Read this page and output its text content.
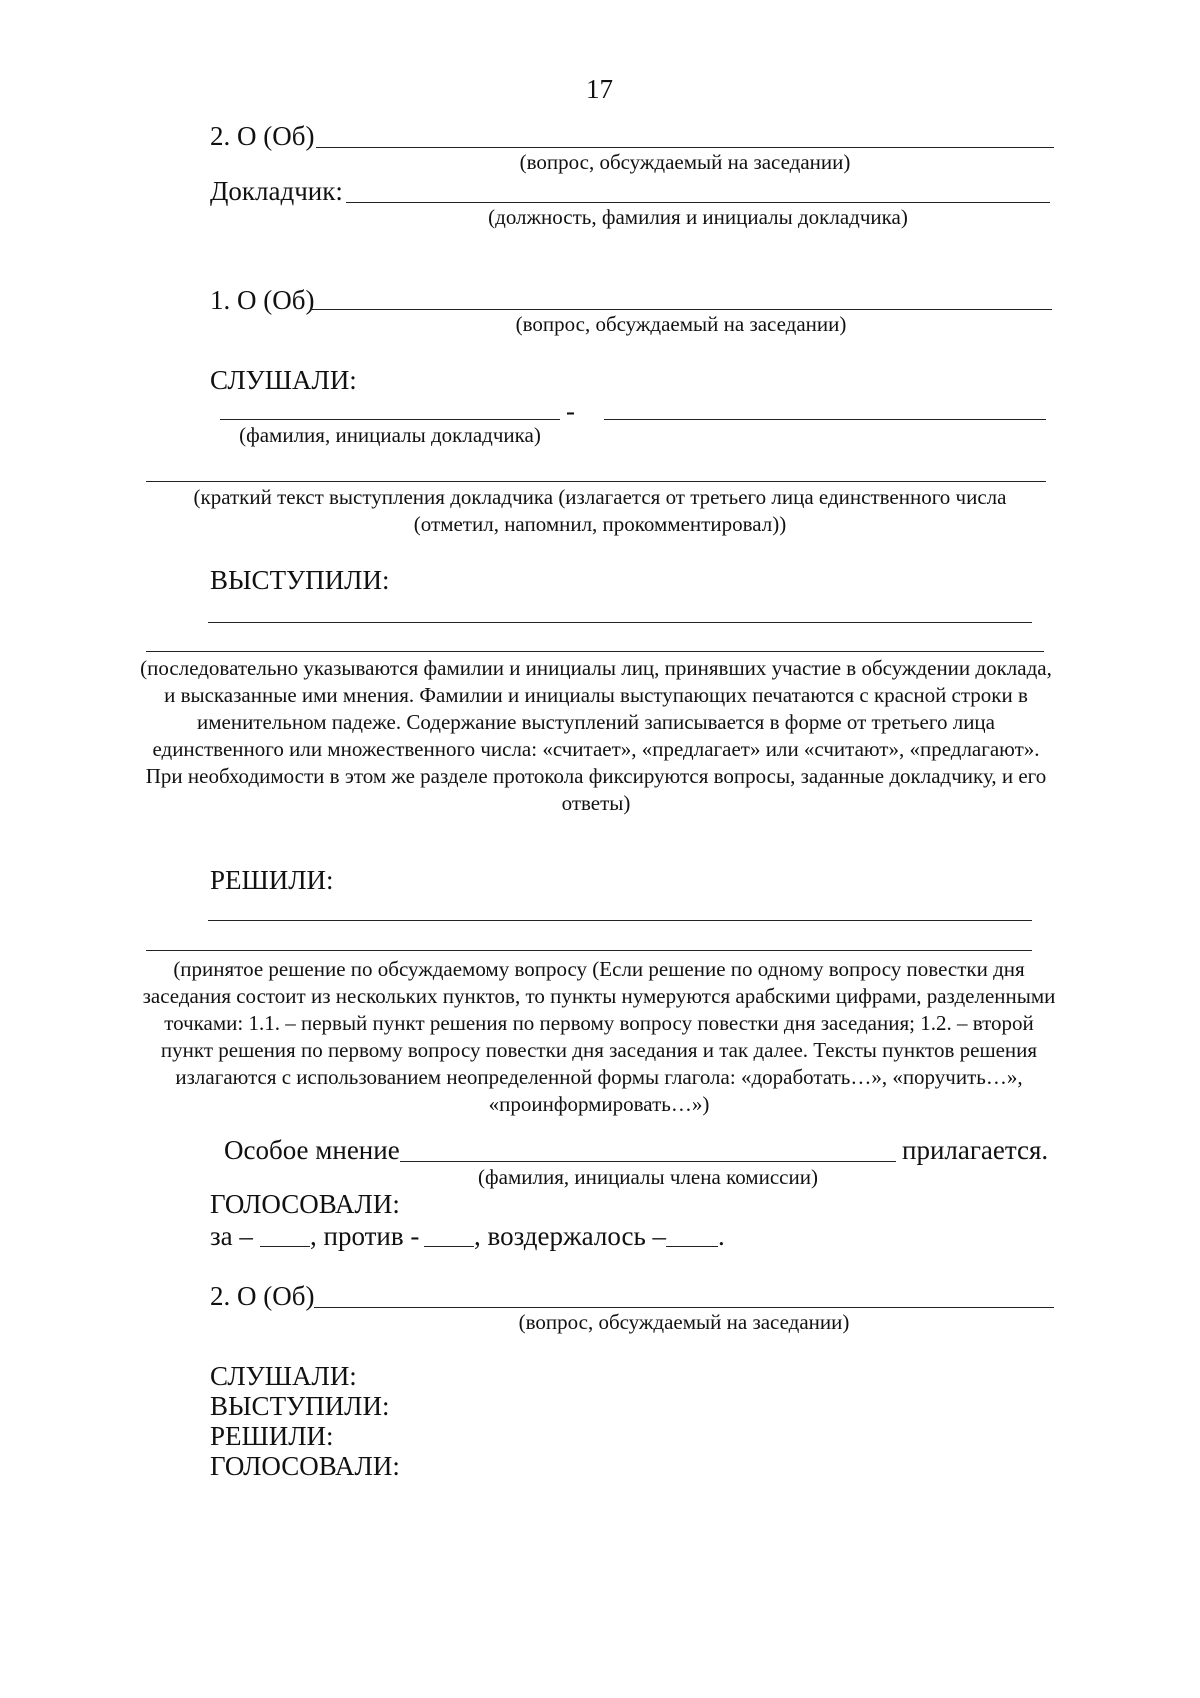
17
2. О (Об)
(вопрос, обсуждаемый на заседании)
Докладчик:
(должность, фамилия и инициалы докладчика)
1. О (Об)
(вопрос, обсуждаемый на заседании)
СЛУШАЛИ:
-
(фамилия, инициалы докладчика)
(краткий текст выступления докладчика (излагается от третьего лица единственного числа (отметил, напомнил, прокомментировал))
ВЫСТУПИЛИ:
(последовательно указываются фамилии и инициалы лиц, принявших участие в обсуждении доклада, и высказанные ими мнения. Фамилии и инициалы выступающих печатаются с красной строки в именительном падеже. Содержание выступлений записывается в форме от третьего лица единственного или множественного числа: «считает», «предлагает» или «считают», «предлагают». При необходимости в этом же разделе протокола фиксируются вопросы, заданные докладчику, и его ответы)
РЕШИЛИ:
(принятое решение по обсуждаемому вопросу (Если решение по одному вопросу повестки дня заседания состоит из нескольких пунктов, то пункты нумеруются арабскими цифрами, разделенными точками: 1.1. – первый пункт решения по первому вопросу повестки дня заседания; 1.2. – второй пункт решения по первому вопросу повестки дня заседания и так далее. Тексты пунктов решения излагаются с использованием неопределенной формы глагола: «доработать…», «поручить…», «проинформировать…»)
Особое мнение	прилагается.
(фамилия, инициалы члена комиссии)
ГОЛОСОВАЛИ:
за – , против - , воздержалось – .
2. О (Об)
(вопрос, обсуждаемый на заседании)
СЛУШАЛИ:
ВЫСТУПИЛИ:
РЕШИЛИ:
ГОЛОСОВАЛИ:
